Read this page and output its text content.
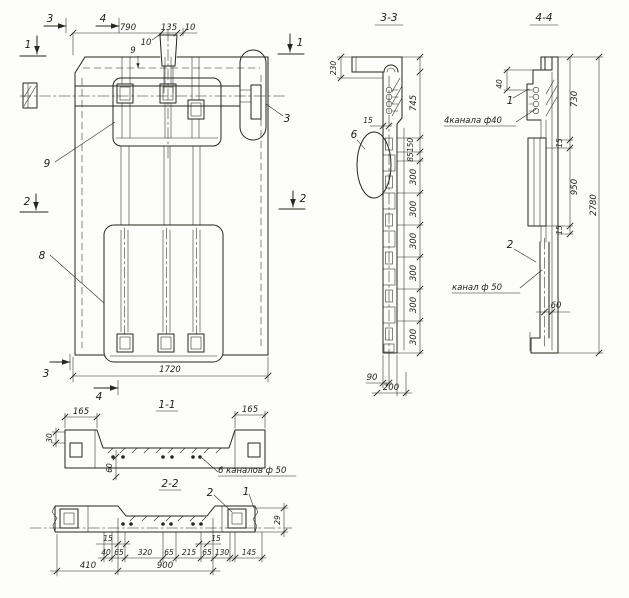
3	4
1	1
2	2
3
4
790	135 10
10
9
1720
9
8
3
3-3
6
15
230
745
150
85
300
300
300
300
300
300
90
200
4-4
40
1
2
4канала ф40
канал ф 50
730
15
950
15
2780
60
1-1
165	165
30
60	6 каналов ф 50
2-2
2	1
29
15	15
40 65 320 65 215 65 130 145
410	900
